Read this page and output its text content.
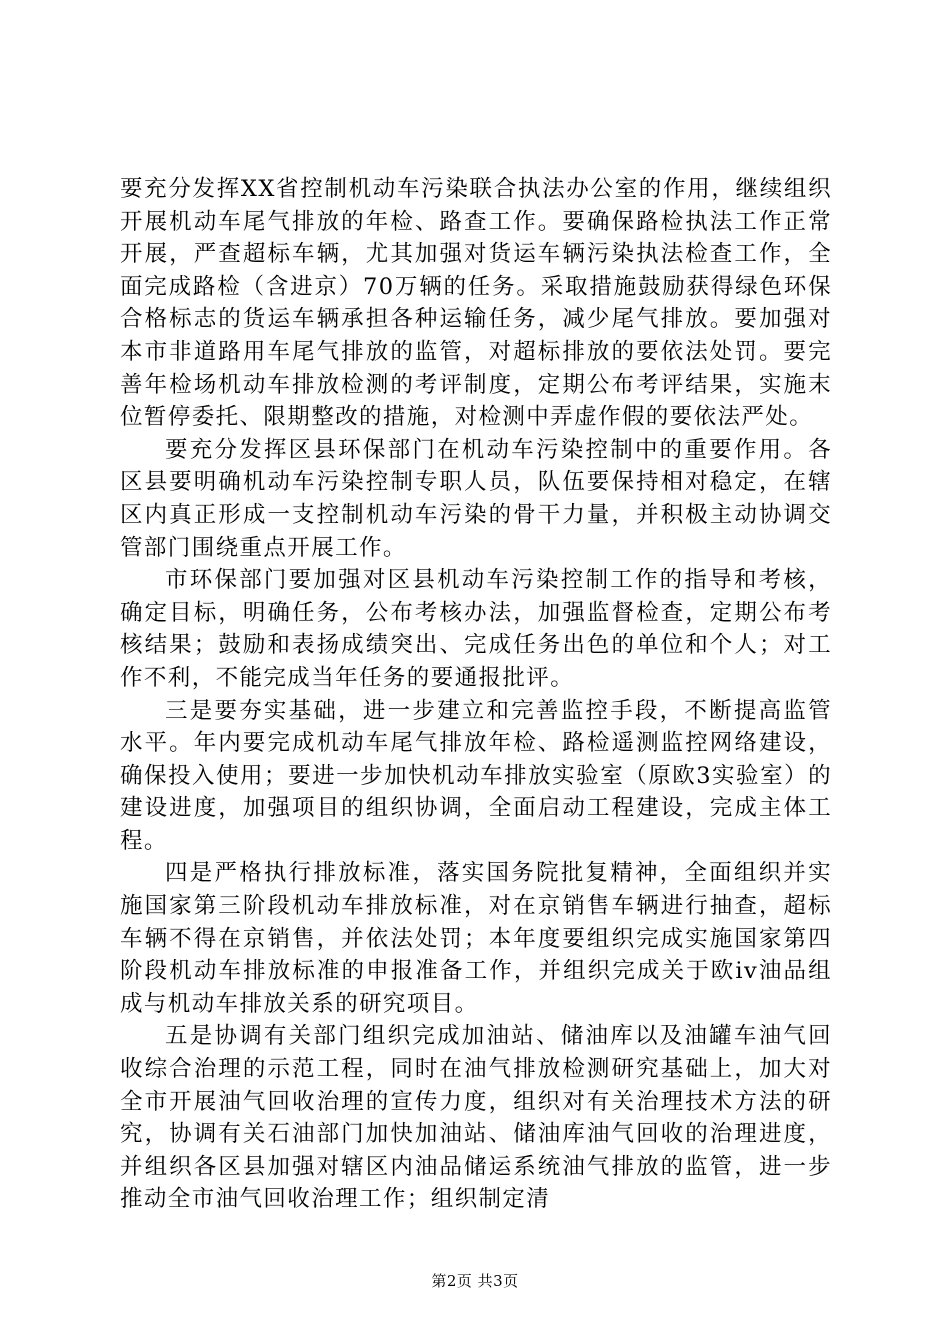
要充分发挥XX省控制机动车污染联合执法办公室的作用，继续组织开展机动车尾气排放的年检、路查工作。要确保路检执法工作正常开展，严查超标车辆，尤其加强对货运车辆污染执法检查工作，全面完成路检（含进京）70万辆的任务。采取措施鼓励获得绿色环保合格标志的货运车辆承担各种运输任务，减少尾气排放。要加强对本市非道路用车尾气排放的监管，对超标排放的要依法处罚。要完善年检场机动车排放检测的考评制度，定期公布考评结果，实施末位暂停委托、限期整改的措施，对检测中弄虚作假的要依法严处。

要充分发挥区县环保部门在机动车污染控制中的重要作用。各区县要明确机动车污染控制专职人员，队伍要保持相对稳定，在辖区内真正形成一支控制机动车污染的骨干力量，并积极主动协调交管部门围绕重点开展工作。

市环保部门要加强对区县机动车污染控制工作的指导和考核，确定目标，明确任务，公布考核办法，加强监督检查，定期公布考核结果；鼓励和表扬成绩突出、完成任务出色的单位和个人；对工作不利，不能完成当年任务的要通报批评。

三是要夯实基础，进一步建立和完善监控手段，不断提高监管水平。年内要完成机动车尾气排放年检、路检遥测监控网络建设，确保投入使用；要进一步加快机动车排放实验室（原欧3实验室）的建设进度，加强项目的组织协调，全面启动工程建设，完成主体工程。

四是严格执行排放标准，落实国务院批复精神，全面组织并实施国家第三阶段机动车排放标准，对在京销售车辆进行抽查，超标车辆不得在京销售，并依法处罚；本年度要组织完成实施国家第四阶段机动车排放标准的申报准备工作，并组织完成关于欧iv油品组成与机动车排放关系的研究项目。

五是协调有关部门组织完成加油站、储油库以及油罐车油气回收综合治理的示范工程，同时在油气排放检测研究基础上，加大对全市开展油气回收治理的宣传力度，组织对有关治理技术方法的研究，协调有关石油部门加快加油站、储油库油气回收的治理进度，并组织各区县加强对辖区内油品储运系统油气排放的监管，进一步推动全市油气回收治理工作；组织制定清

第2页 共3页
